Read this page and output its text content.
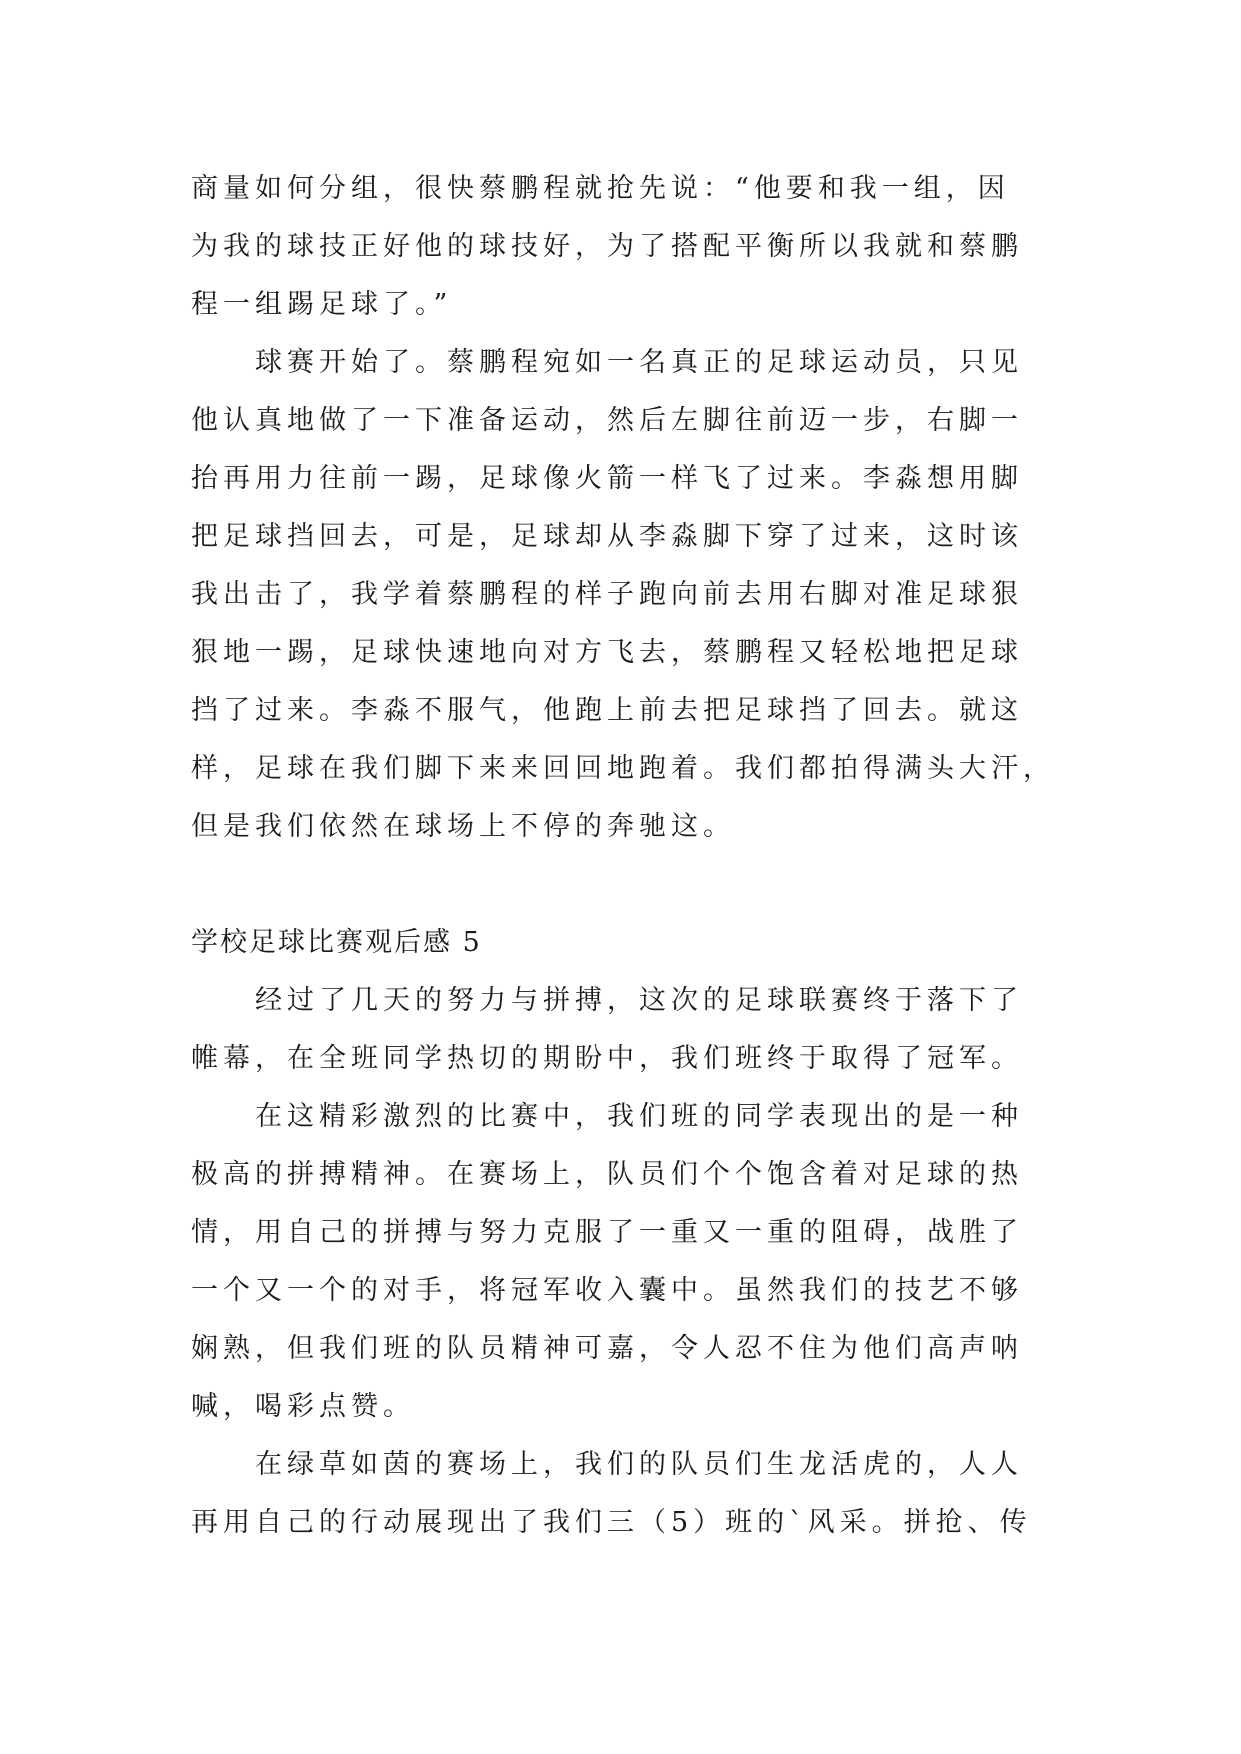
商量如何分组，很快蔡鹏程就抢先说：“他要和我一组，因
为我的球技正好他的球技好，为了搭配平衡所以我就和蔡鹏
程一组踢足球了。”
球赛开始了。蔡鹏程宛如一名真正的足球运动员，只见
他认真地做了一下准备运动，然后左脚往前迈一步，右脚一
抬再用力往前一踢，足球像火箭一样飞了过来。李淼想用脚
把足球挡回去，可是，足球却从李淼脚下穿了过来，这时该
我出击了，我学着蔡鹏程的样子跑向前去用右脚对准足球狠
狠地一踢，足球快速地向对方飞去，蔡鹏程又轻松地把足球
挡了过来。李淼不服气，他跑上前去把足球挡了回去。就这
样，足球在我们脚下来来回回地跑着。我们都拍得满头大汗，
但是我们依然在球场上不停的奔驰这。
学校足球比赛观后感 5
经过了几天的努力与拼搏，这次的足球联赛终于落下了
帷幕，在全班同学热切的期盼中，我们班终于取得了冠军。
在这精彩激烈的比赛中，我们班的同学表现出的是一种
极高的拼搏精神。在赛场上，队员们个个饱含着对足球的热
情，用自己的拼搏与努力克服了一重又一重的阻碍，战胜了
一个又一个的对手，将冠军收入囊中。虽然我们的技艺不够
娴熟，但我们班的队员精神可嘉，令人忍不住为他们高声呐
喊，喝彩点赞。
在绿草如茵的赛场上，我们的队员们生龙活虎的，人人
再用自己的行动展现出了我们三（5）班的`风采。拼抢、传
